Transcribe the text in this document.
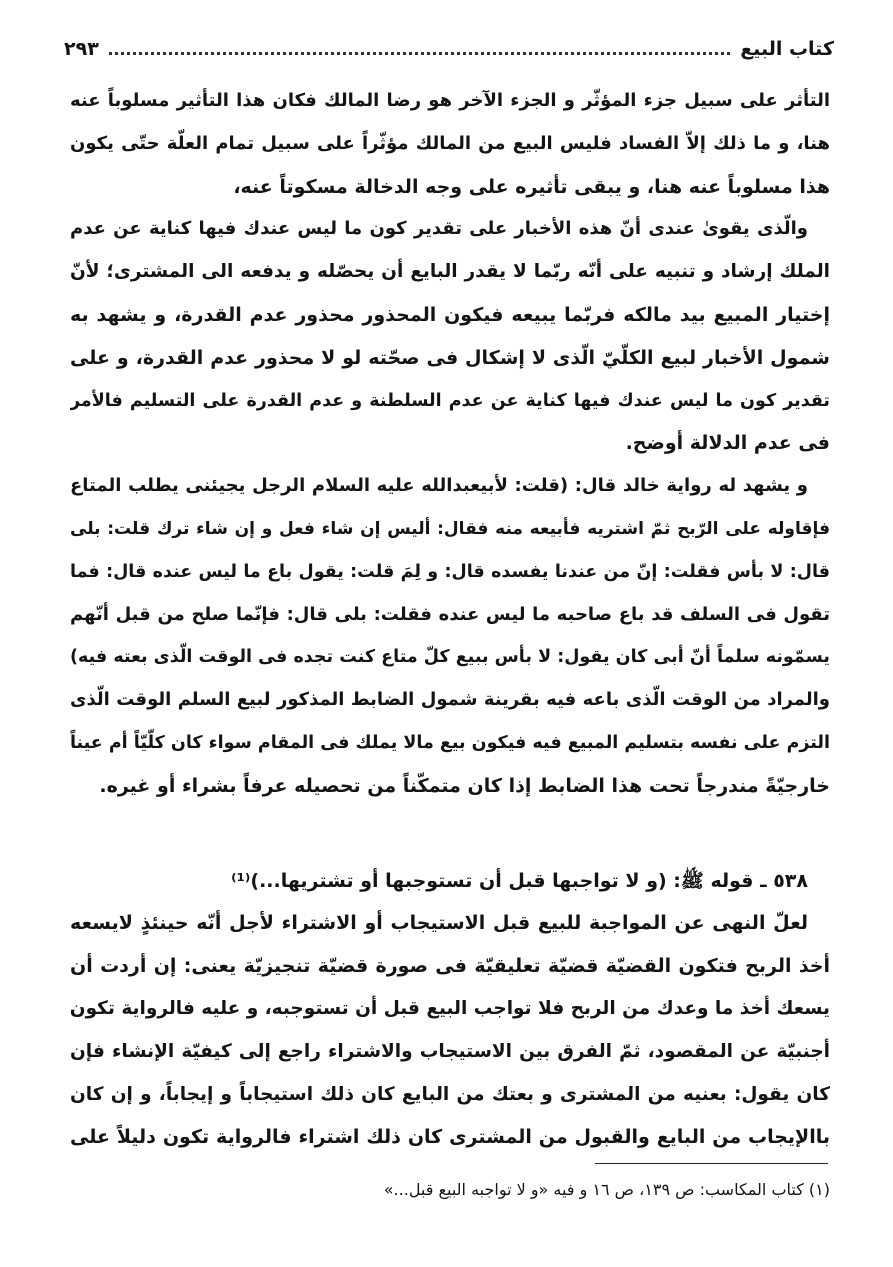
كتاب البيع
۲۹۳
التأثر على سبيل جزء المؤثّر و الجزء الآخر هو رضا المالك فكان هذا التأثير مسلوباً عنه
هنا، و ما ذلك إلاّ الفساد فليس البيع من المالك مؤثّراً على سبيل تمام العلّة حتّى يكون
هذا مسلوباً عنه هنا، و يبقى تأثيره على وجه الدخالة مسكوتاً عنه،
والّذى يقوىٰ عندى أنّ هذه الأخبار على تقدير كون ما ليس عندك فيها كناية عن عدم
الملك إرشاد و تنبيه على أنّه ربّما لا يقدر البايع أن يحصّله و يدفعه الى المشترى؛ لأنّ
إختيار المبيع بيد مالكه فربّما يبيعه فيكون المحذور محذور عدم القدرة، و يشهد به
شمول الأخبار لبيع الكلّيّ الّذى لا إشكال فى صحّته لو لا محذور عدم القدرة، و على
تقدير كون ما ليس عندك فيها كناية عن عدم السلطنة و عدم القدرة على التسليم فالأمر
فى عدم الدلالة أوضح.
و يشهد له رواية خالد قال: (قلت: لأبيعبدالله عليه السلام الرجل يجيئنى يطلب المتاع
فإقاوله على الرّبح ثمّ اشتريه فأبيعه منه فقال: أليس إن شاء فعل و إن شاء ترك قلت: بلى
قال: لا بأس فقلت: إنّ من عندنا يفسده قال: و لِمَ قلت: يقول باع ما ليس عنده قال: فما
تقول فى السلف قد باع صاحبه ما ليس عنده فقلت: بلى قال: فإنّما صلح من قبل أنّهم
يسمّونه سلماً أنّ أبى كان يقول: لا بأس ببيع كلّ متاع كنت تجده فى الوقت الّذى بعته فيه)
والمراد من الوقت الّذى باعه فيه بقرينة شمول الضابط المذكور لبيع السلم الوقت الّذى
التزم على نفسه بتسليم المبيع فيه فيكون بيع مالا يملك فى المقام سواء كان كلّيّاً أم عيناً
خارجيّةً مندرجاً تحت هذا الضابط إذا كان متمكّناً من تحصيله عرفاً بشراء أو غيره.
٥٣٨ ـ قوله ﷺ: (و لا تواجبها قبل أن تستوجبها أو تشتريها...)⁽¹⁾
لعلّ النهى عن المواجبة للبيع قبل الاستيجاب أو الاشتراء لأجل أنّه حينئذٍ لايسعه
أخذ الربح فتكون القضيّة قضيّة تعليقيّة فى صورة قضيّة تنجيزيّة يعنى: إن أردت أن
يسعك أخذ ما وعدك من الربح فلا تواجب البيع قبل أن تستوجبه، و عليه فالرواية تكون
أجنبيّة عن المقصود، ثمّ الفرق بين الاستيجاب والاشتراء راجع إلى كيفيّة الإنشاء فإن
كان يقول: بعنيه من المشترى و بعتك من البايع كان ذلك استيجاباً و إيجاباً، و إن كان
باالإيجاب من البايع والقبول من المشترى كان ذلك اشتراء فالرواية تكون دليلاً على
(١) كتاب المكاسب: ص ١٣٩، ص ١٦ و فيه «و لا تواجبه البيع قبل...»
